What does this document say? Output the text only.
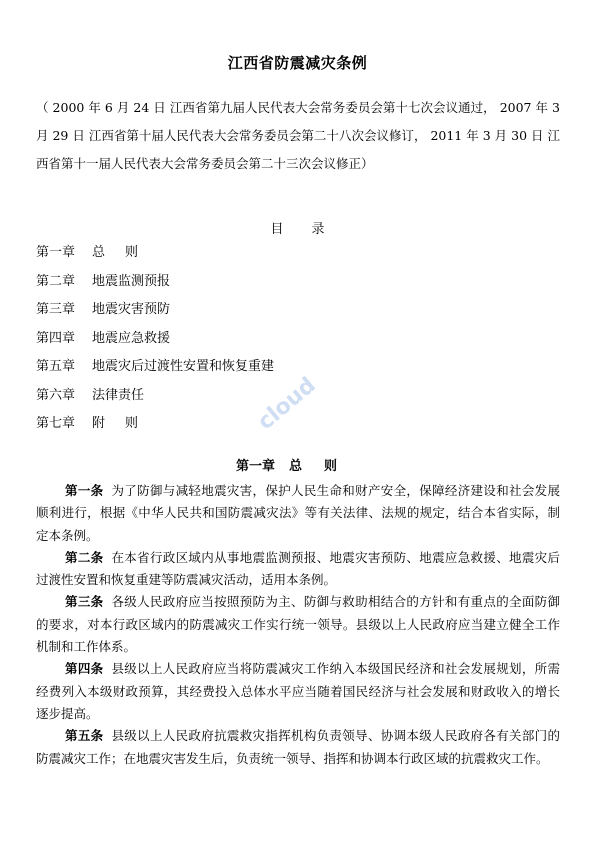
江西省防震减灾条例
（ 2000 年 6 月 24 日 江西省第九届人民代表大会常务委员会第十七次会议通过， 2007 年 3 月 29 日 江西省第十届人民代表大会常务委员会第二十八次会议修订， 2011 年 3 月 30 日 江西省第十一届人民代表大会常务委员会第二十三次会议修正）
目录
第一章 总则
第二章 地震监测预报
第三章 地震灾害预防
第四章 地震应急救援
第五章 地震灾后过渡性安置和恢复重建
第六章 法律责任
第七章 附则	cloud
第一章 总则
第一条 为了防御与减轻地震灾害，保护人民生命和财产安全，保障经济建设和社会发展顺利进行，根据《中华人民共和国防震减灾法》等有关法律、法规的规定，结合本省实际，制定本条例。
第二条 在本省行政区域内从事地震监测预报、地震灾害预防、地震应急救援、地震灾后过渡性安置和恢复重建等防震减灾活动，适用本条例。
第三条 各级人民政府应当按照预防为主、防御与救助相结合的方针和有重点的全面防御的要求，对本行政区域内的防震减灾工作实行统一领导。县级以上人民政府应当建立健全工作机制和工作体系。
第四条 县级以上人民政府应当将防震减灾工作纳入本级国民经济和社会发展规划，所需经费列入本级财政预算，其经费投入总体水平应当随着国民经济与社会发展和财政收入的增长逐步提高。
第五条 县级以上人民政府抗震救灾指挥机构负责领导、协调本级人民政府各有关部门的防震减灾工作；在地震灾害发生后，负责统一领导、指挥和协调本行政区域的抗震救灾工作。
